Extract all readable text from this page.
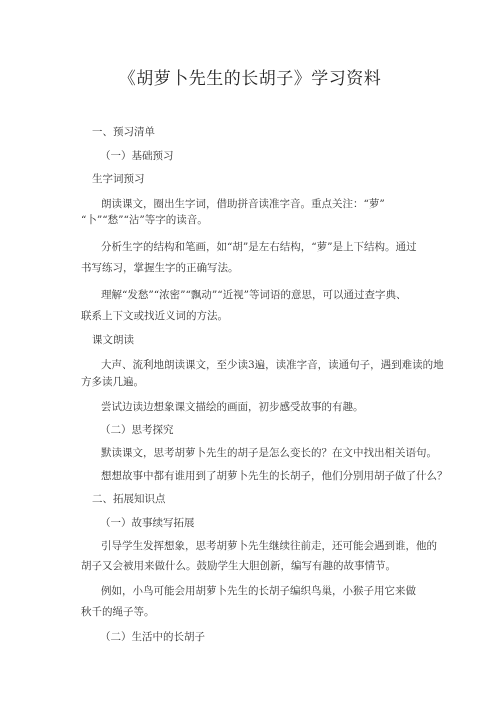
《胡萝卜先生的长胡子》学习资料
一、预习清单
（一）基础预习
生字词预习
朗读课文，圈出生字词，借助拼音读准字音。重点关注：“萝”
“卜”“愁”“沾”等字的读音。
分析生字的结构和笔画，如“胡”是左右结构，“萝”是上下结构。通过
书写练习，掌握生字的正确写法。
理解“发愁”“浓密”“飘动”“近视”等词语的意思，可以通过查字典、
联系上下文或找近义词的方法。
课文朗读
大声、流利地朗读课文，至少读3遍，读准字音，读通句子，遇到难读的地
方多读几遍。
尝试边读边想象课文描绘的画面，初步感受故事的有趣。
（二）思考探究
默读课文，思考胡萝卜先生的胡子是怎么变长的？在文中找出相关语句。
想想故事中都有谁用到了胡萝卜先生的长胡子，他们分别用胡子做了什么？
二、拓展知识点
（一）故事续写拓展
引导学生发挥想象，思考胡萝卜先生继续往前走，还可能会遇到谁，他的
胡子又会被用来做什么。鼓励学生大胆创新，编写有趣的故事情节。
例如，小鸟可能会用胡萝卜先生的长胡子编织鸟巢，小猴子用它来做
秋千的绳子等。
（二）生活中的长胡子
